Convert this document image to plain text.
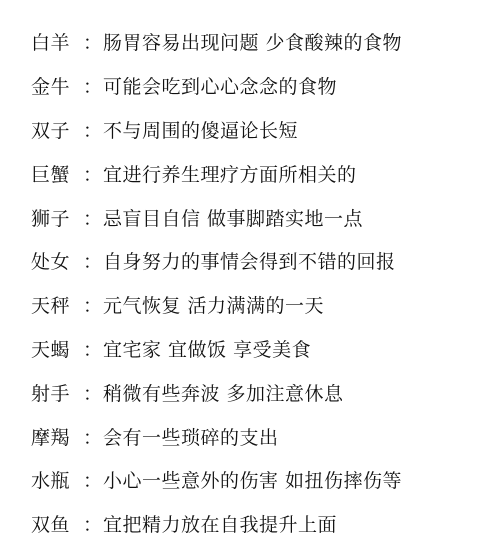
白羊 ： 肠胃容易出现问题 少食酸辣的食物
金牛 ： 可能会吃到心心念念的食物
双子 ： 不与周围的傻逼论长短
巨蟹 ： 宜进行养生理疗方面所相关的
狮子 ： 忌盲目自信 做事脚踏实地一点
处女 ： 自身努力的事情会得到不错的回报
天秤 ： 元气恢复 活力满满的一天
天蝎 ： 宜宅家 宜做饭 享受美食
射手 ： 稍微有些奔波 多加注意休息
摩羯 ： 会有一些琐碎的支出
水瓶 ： 小心一些意外的伤害 如扭伤摔伤等
双鱼 ： 宜把精力放在自我提升上面
